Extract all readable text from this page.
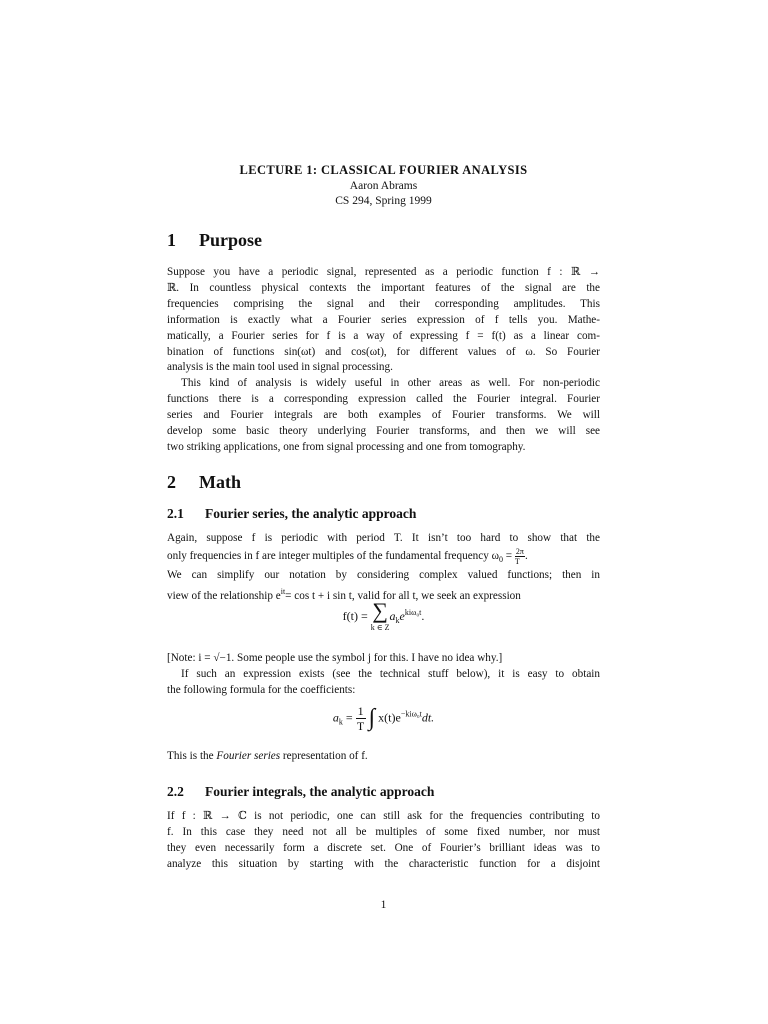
LECTURE 1: CLASSICAL FOURIER ANALYSIS
Aaron Abrams
CS 294, Spring 1999
1 Purpose
Suppose you have a periodic signal, represented as a periodic function f : ℝ →
ℝ. In countless physical contexts the important features of the signal are the
frequencies comprising the signal and their corresponding amplitudes. This
information is exactly what a Fourier series expression of f tells you. Mathe-
matically, a Fourier series for f is a way of expressing f = f(t) as a linear com-
bination of functions sin(ωt) and cos(ωt), for different values of ω. So Fourier
analysis is the main tool used in signal processing.
This kind of analysis is widely useful in other areas as well. For non-periodic
functions there is a corresponding expression called the Fourier integral. Fourier
series and Fourier integrals are both examples of Fourier transforms. We will
develop some basic theory underlying Fourier transforms, and then we will see
two striking applications, one from signal processing and one from tomography.
2 Math
2.1 Fourier series, the analytic approach
Again, suppose f is periodic with period T. It isn’t too hard to show that the
only frequencies in f are integer multiples of the fundamental frequency $\omega_0 = \frac{2\pi}{T}$ .
We can simplify our notation by considering complex valued functions; then in
view of the relationship $e^{it}= \cos t + i$ sin t, valid for all t, we seek an expression
f(t) = ∑
k ∈ Z
$a_ke^{ki\omega_0t}$.
[Note: i = √−1. Some people use the symbol j for this. I have no idea why.]
If such an expression exists (see the technical stuff below), it is easy to obtain
the following formula for the coefficients:
$a_k = \frac{1}{T}$ ∫ $x(t)e^{-ki\omega_0t}dt$.
This is the Fourier series representation of f.
2.2 Fourier integrals, the analytic approach
If f : ℝ → ℂ is not periodic, one can still ask for the frequencies contributing to
f. In this case they need not all be multiples of some fixed number, nor must
they even necessarily form a discrete set. One of Fourier’s brilliant ideas was to
analyze this situation by starting with the characteristic function for a disjoint
1
